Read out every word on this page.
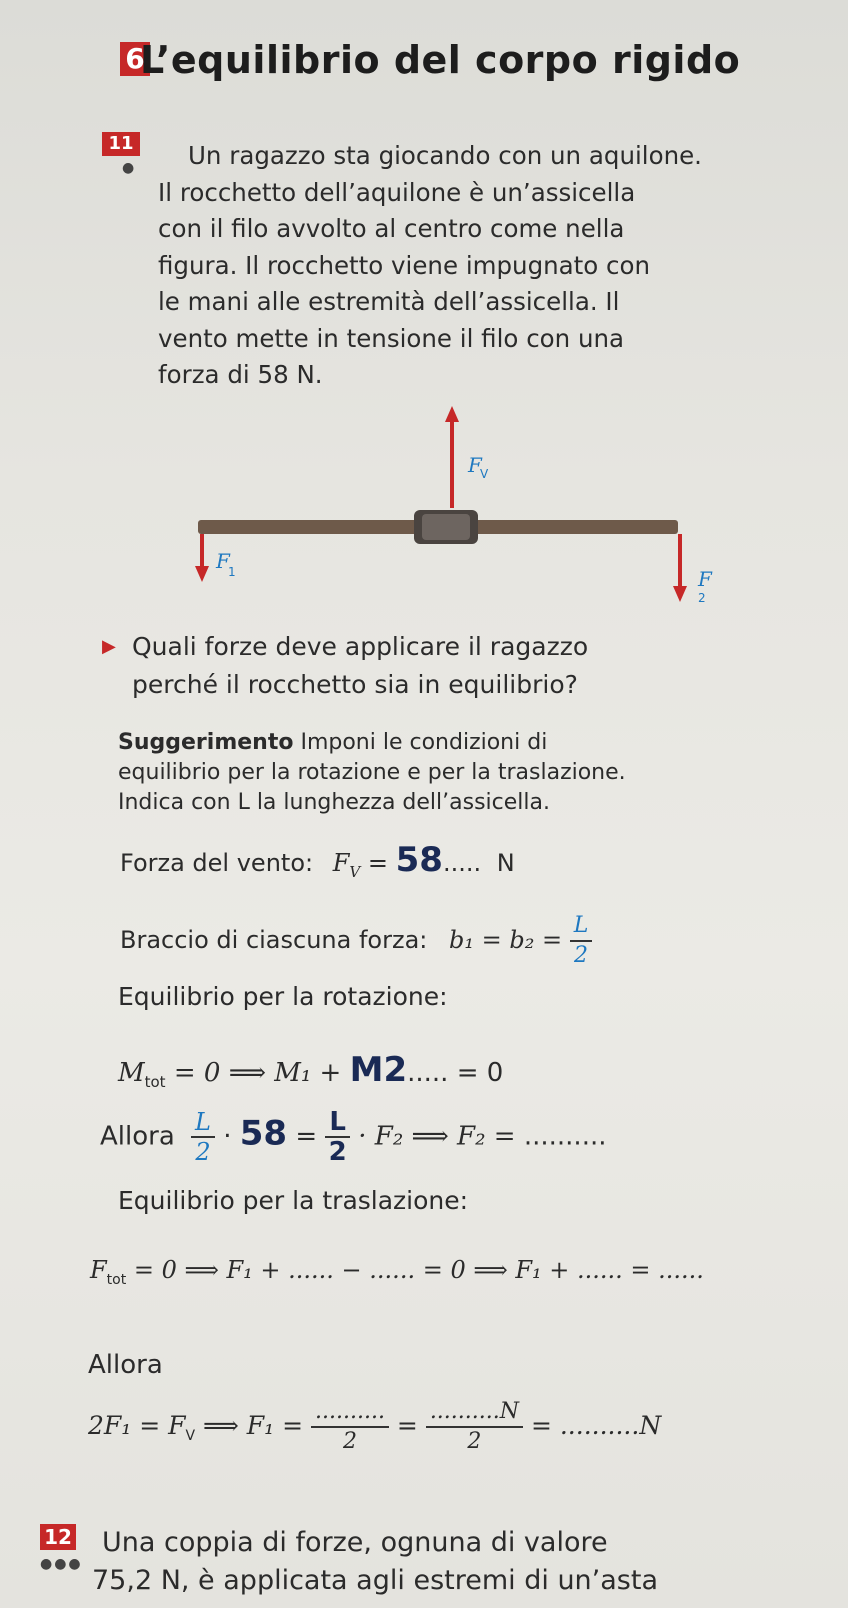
6
L’equilibrio del corpo rigido
11
● Un ragazzo sta giocando con un aquilone.
Il rocchetto dell’aquilone è un’assicella
con il filo avvolto al centro come nella
figura. Il rocchetto viene impugnato con
le mani alle estremità dell’assicella. Il
vento mette in tensione il filo con una
forza di 58 N.
F
V
F
1	F
2
▶ Quali forze deve applicare il ragazzo
perché il rocchetto sia in equilibrio?
Suggerimento Imponi le condizioni di
equilibrio per la rotazione e per la traslazione.
Indica con L la lunghezza dell’assicella.
Forza del vento: $F_V = 58$..... N
Braccio di ciascuna forza: $b_1 = b_2 = \frac{L}{2}$
Equilibrio per la rotazione:
$M_{tot} = 0$ ⟹ M₁ + M2..... = 0
Allora $\frac{L}{2} \cdot 58 = \frac{L}{2} \cdot F_2$ ⟹ F₂ = ..........
Equilibrio per la traslazione:
$F_{tot} = 0$ ⟹ F₁ + ...... − ...... = 0 ⟹ F₁ + ...... = ......
Allora
$2F_1 = F_V$ ⟹ $F_1 = \frac{..........}{2} = \frac{..........N}{2} = ..........N$
12
●●●
Una coppia di forze, ognuna di valore
75,2 N, è applicata agli estremi di un’asta
